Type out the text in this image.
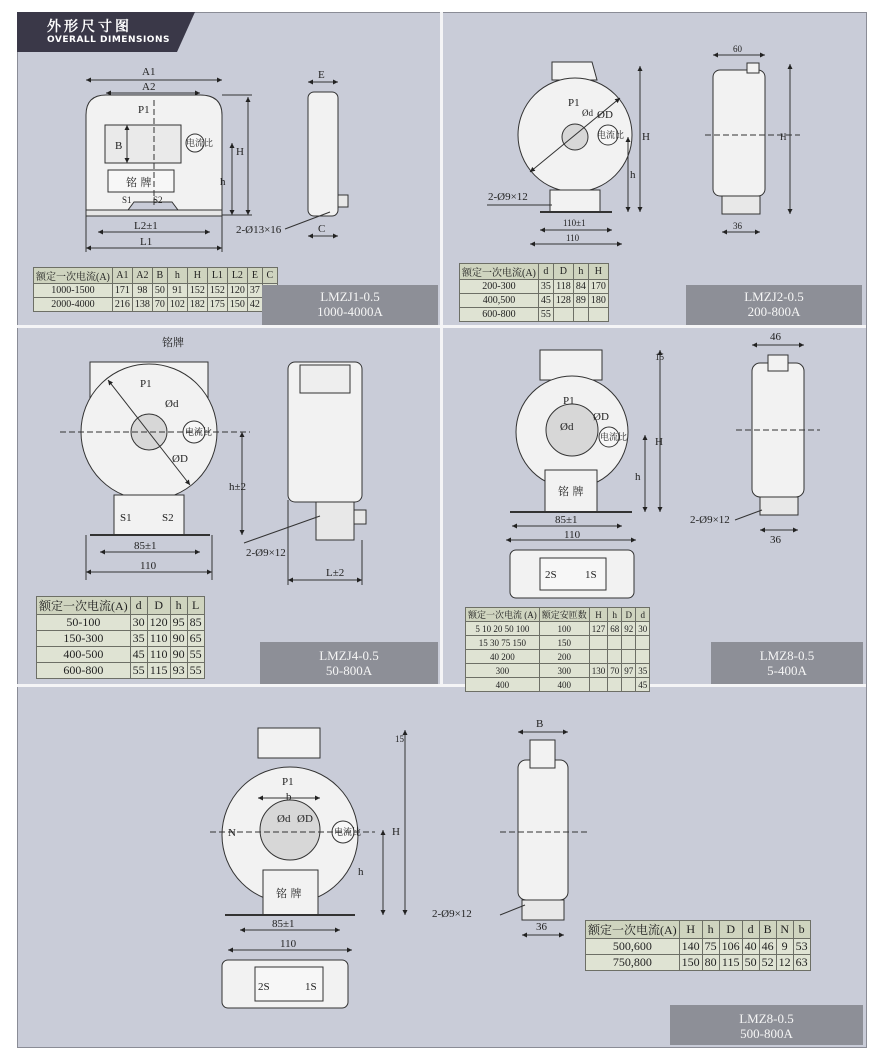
外形尺寸图
OVERALL DIMENSIONS
A1
A2
P1
B	电流比
铭 牌
S1 S2
h
H
L2±1
L1
E
C
2-Ø13×16
P1
Ød ØD
电流比 H
h
2-Ø9×12
110±1
110
60
36
H
铭牌
P1
Ød
ØD
电流比
h±2
S1	S2
85±1
110
2-Ø9×12
L±2
P1
ØD
Ød
电流比	H
h
15
铭 牌
85±1
110
2S	1S
46
36
2-Ø9×12
P1
b
Ød ØD
电流比
N	H
h
15
铭 牌
85±1
110
2S	1S
B
36
2-Ø9×12
额定一次电流(A)	A1	A2	B	h	H	L1	L2	E	C
1000-1500	171	98	50	91	152	152	120	37	
2000-4000	216	138	70	102	182	175	150	42	
额定一次电流(A)	d	D	h	H
200-300	35	118	84	170
400,500	45	128	89	180
600-800	55			
额定一次电流(A)	d	D	h	L
50-100	30	120	95	85
150-300	35	110	90	65
400-500	45	110	90	55
600-800	55	115	93	55
额定一次电流 (A)	额定安匝数	H	h	D	d
5 10 20 50 100	100	127	68	92	30
15 30 75 150	150				
40 200	200				
300	300	130	70	97	35
400	400				45
额定一次电流(A)	H	h	D	d	B	N	b
500,600	140	75	106	40	46	9	53
750,800	150	80	115	50	52	12	63
LMZJ1-0.5
1000-4000A
LMZJ2-0.5
200-800A
LMZJ4-0.5
50-800A
LMZ8-0.5
5-400A
LMZ8-0.5
500-800A
